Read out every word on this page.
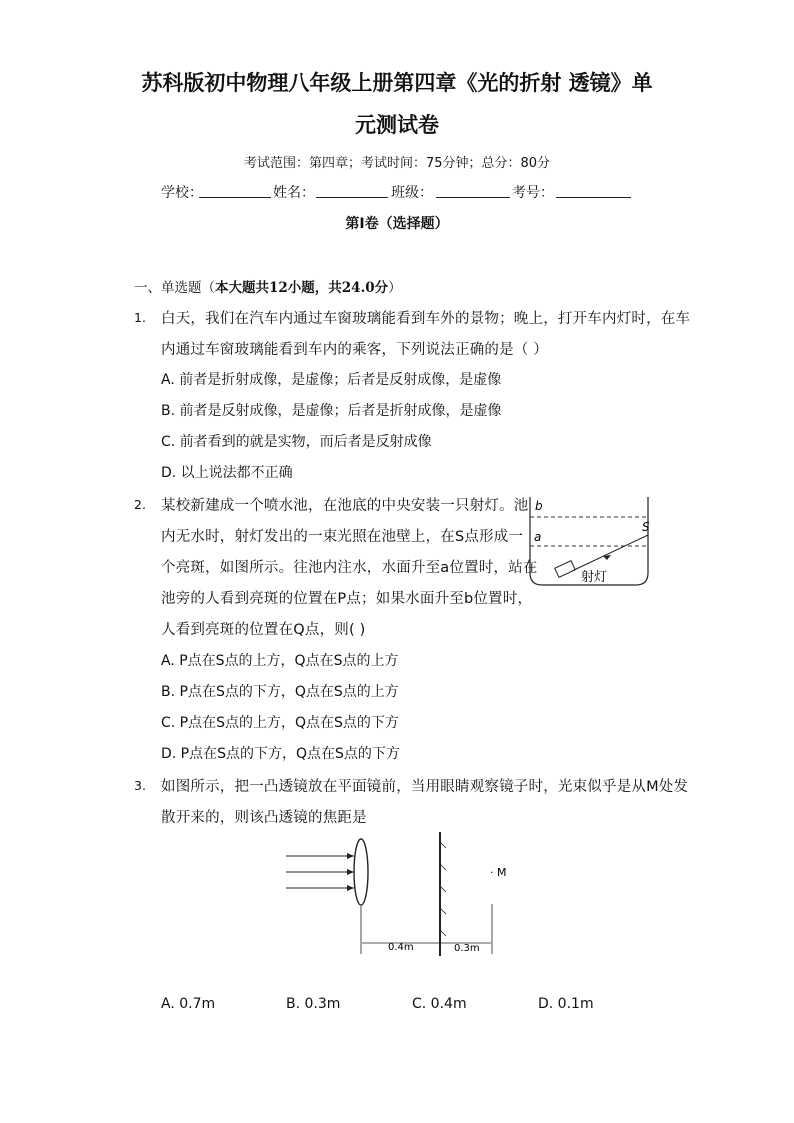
苏科版初中物理八年级上册第四章《光的折射 透镜》单
元测试卷
考试范围：第四章；考试时间：75分钟；总分：80分
学校：	姓名：	班级：	考号：
第I卷（选择题）
一、单选题（本大题共12小题，共24.0分）
1. 白天，我们在汽车内通过车窗玻璃能看到车外的景物；晚上，打开车内灯时，在车
内通过车窗玻璃能看到车内的乘客，下列说法正确的是（ ）
A. 前者是折射成像，是虚像；后者是反射成像，是虚像
B. 前者是反射成像，是虚像；后者是折射成像，是虚像
C. 前者看到的就是实物，而后者是反射成像
D. 以上说法都不正确
2. 某校新建成一个喷水池，在池底的中央安装一只射灯。池
内无水时，射灯发出的一束光照在池壁上，在S点形成一
个亮斑，如图所示。往池内注水，水面升至a位置时，站在
池旁的人看到亮斑的位置在P点；如果水面升至b位置时，
人看到亮斑的位置在Q点，则( )
b
a
S
射灯
A. P点在S点的上方，Q点在S点的上方
B. P点在S点的下方，Q点在S点的上方
C. P点在S点的上方，Q点在S点的下方
D. P点在S点的下方，Q点在S点的下方
3. 如图所示，把一凸透镜放在平面镜前，当用眼睛观察镜子时，光束似乎是从M处发
散开来的，则该凸透镜的焦距是
· M
0.4m	0.3m
A. 0.7m	B. 0.3m	C. 0.4m	D. 0.1m
